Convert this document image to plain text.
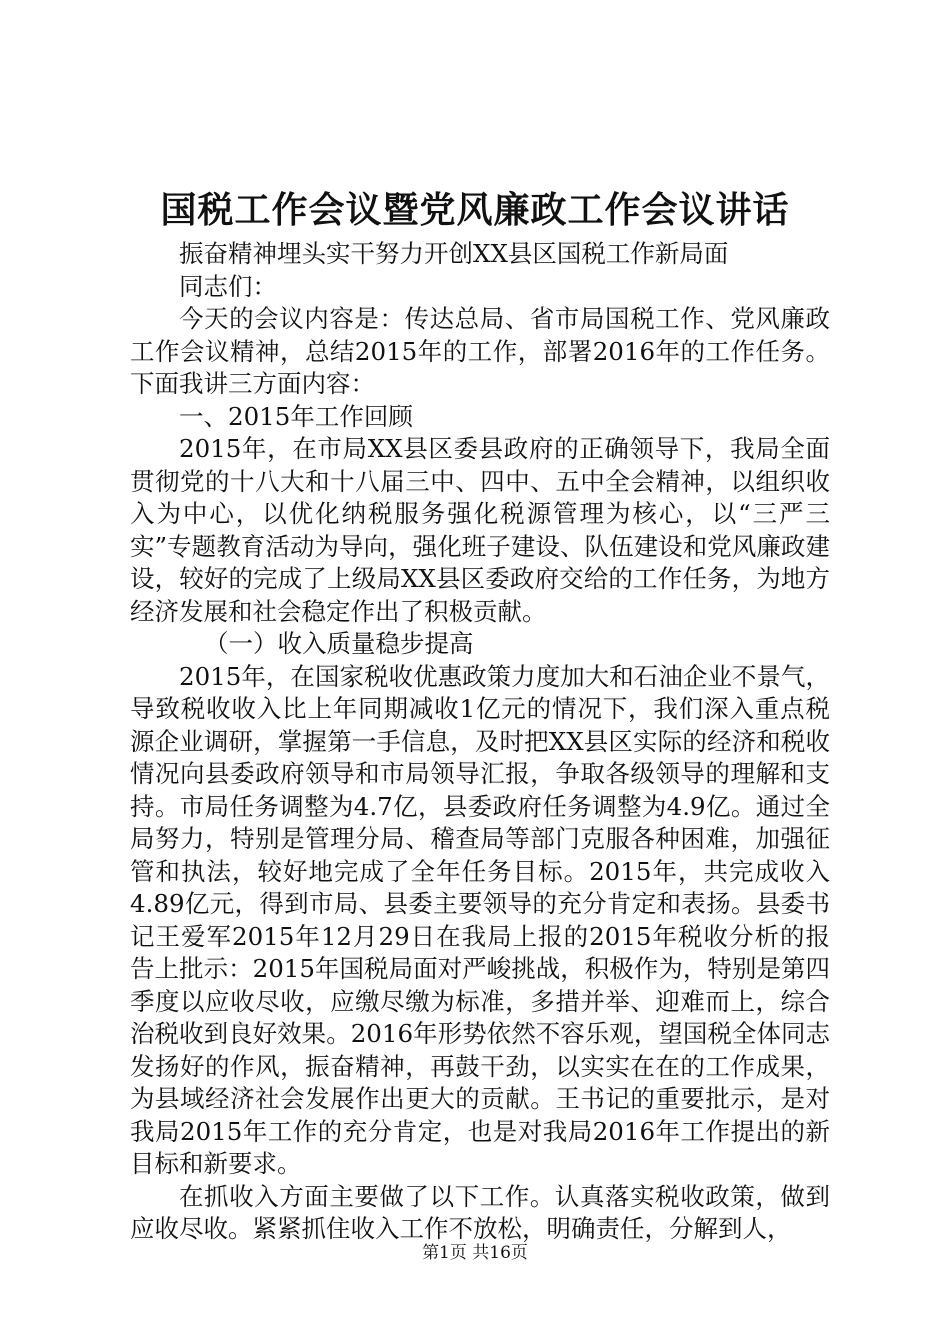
国税工作会议暨党风廉政工作会议讲话

振奋精神埋头实干努力开创XX县区国税工作新局面

同志们：

今天的会议内容是：传达总局、省市局国税工作、党风廉政工作会议精神，总结2015年的工作，部署2016年的工作任务。下面我讲三方面内容：

一、2015年工作回顾

2015年，在市局XX县区委县政府的正确领导下，我局全面贯彻党的十八大和十八届三中、四中、五中全会精神，以组织收入为中心，以优化纳税服务强化税源管理为核心，以“三严三实”专题教育活动为导向，强化班子建设、队伍建设和党风廉政建设，较好的完成了上级局XX县区委政府交给的工作任务，为地方经济发展和社会稳定作出了积极贡献。

（一）收入质量稳步提高

2015年，在国家税收优惠政策力度加大和石油企业不景气，导致税收收入比上年同期减收1亿元的情况下，我们深入重点税源企业调研，掌握第一手信息，及时把XX县区实际的经济和税收情况向县委政府领导和市局领导汇报，争取各级领导的理解和支持。市局任务调整为4.7亿，县委政府任务调整为4.9亿。通过全局努力，特别是管理分局、稽查局等部门克服各种困难，加强征管和执法，较好地完成了全年任务目标。2015年，共完成收入4.89亿元，得到市局、县委主要领导的充分肯定和表扬。县委书记王爱军2015年12月29日在我局上报的2015年税收分析的报告上批示：2015年国税局面对严峻挑战，积极作为，特别是第四季度以应收尽收，应缴尽缴为标准，多措并举、迎难而上，综合治税收到良好效果。2016年形势依然不容乐观，望国税全体同志发扬好的作风，振奋精神，再鼓干劲，以实实在在的工作成果，为县域经济社会发展作出更大的贡献。王书记的重要批示，是对我局2015年工作的充分肯定，也是对我局2016年工作提出的新目标和新要求。

在抓收入方面主要做了以下工作。认真落实税收政策，做到应收尽收。紧紧抓住收入工作不放松，明确责任，分解到人，

第1页 共16页
